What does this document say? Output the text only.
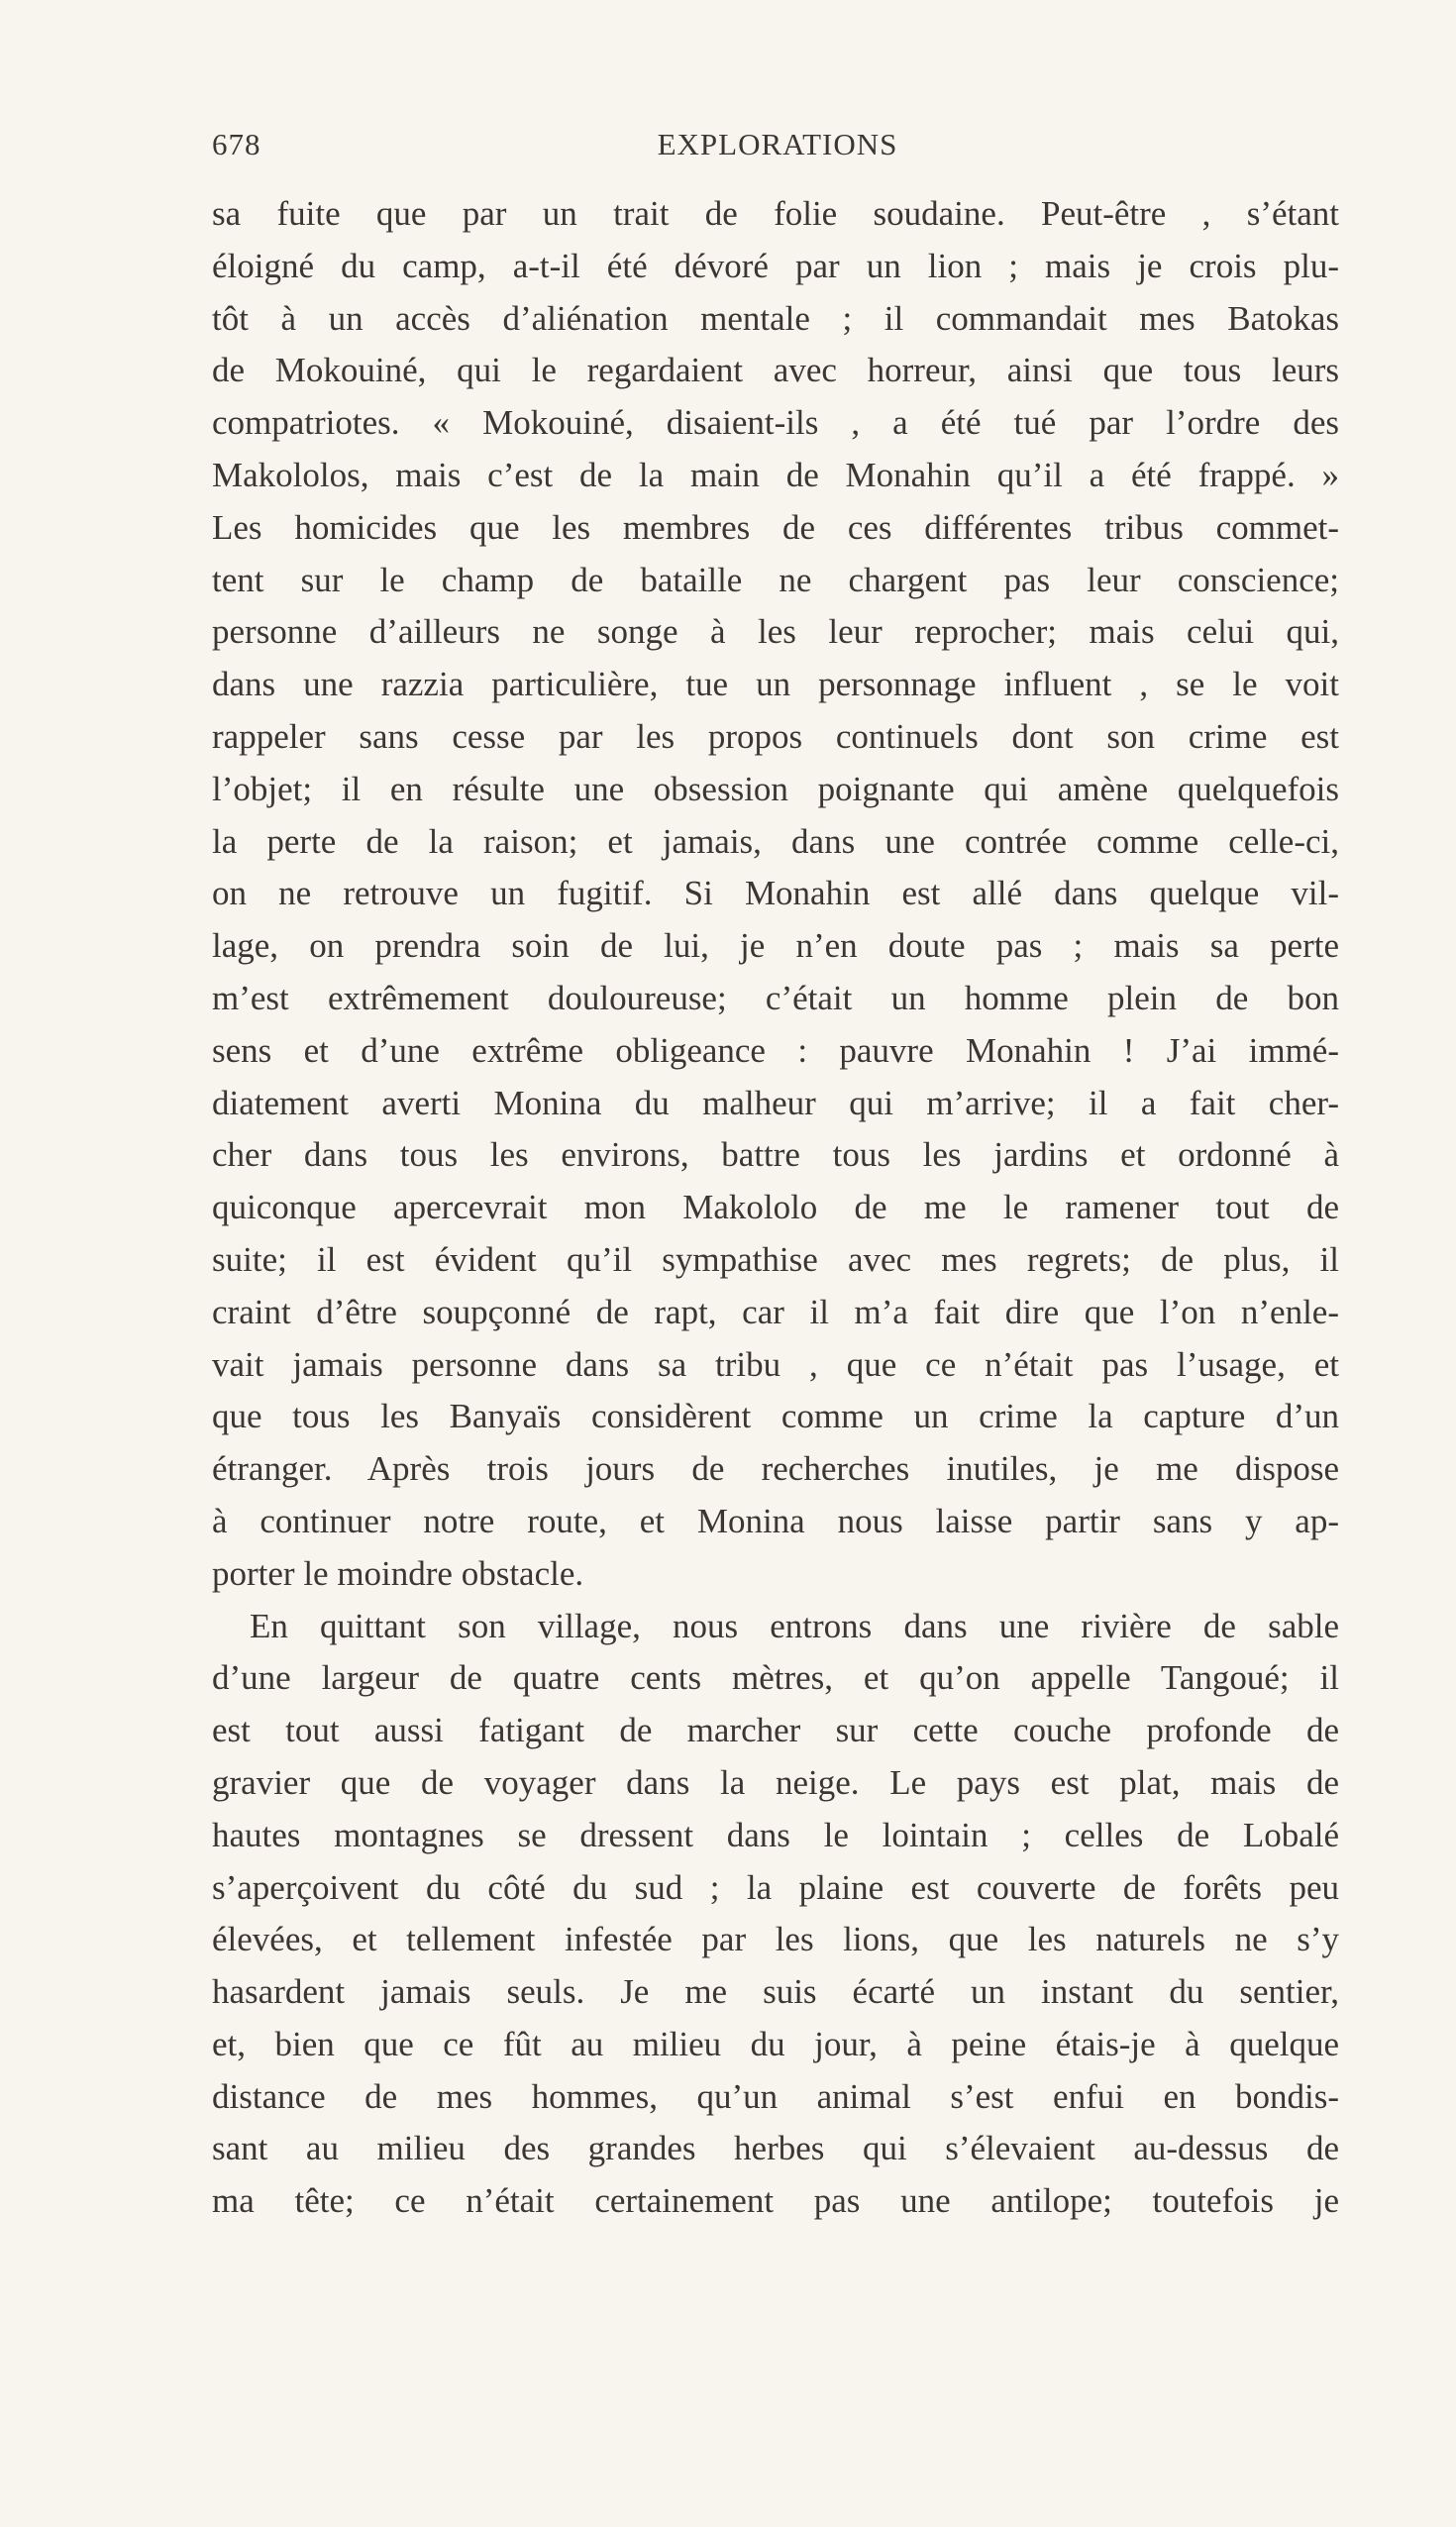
678	EXPLORATIONS
sa fuite que par un trait de folie soudaine. Peut-être , s’étant
éloigné du camp, a-t-il été dévoré par un lion ; mais je crois plu-
tôt à un accès d’aliénation mentale ; il commandait mes Batokas
de Mokouiné, qui le regardaient avec horreur, ainsi que tous leurs
compatriotes. « Mokouiné, disaient-ils , a été tué par l’ordre des
Makololos, mais c’est de la main de Monahin qu’il a été frappé. »
Les homicides que les membres de ces différentes tribus commet-
tent sur le champ de bataille ne chargent pas leur conscience;
personne d’ailleurs ne songe à les leur reprocher; mais celui qui,
dans une razzia particulière, tue un personnage influent , se le voit
rappeler sans cesse par les propos continuels dont son crime est
l’objet; il en résulte une obsession poignante qui amène quelquefois
la perte de la raison; et jamais, dans une contrée comme celle-ci,
on ne retrouve un fugitif. Si Monahin est allé dans quelque vil-
lage, on prendra soin de lui, je n’en doute pas ; mais sa perte
m’est extrêmement douloureuse; c’était un homme plein de bon
sens et d’une extrême obligeance : pauvre Monahin ! J’ai immé-
diatement averti Monina du malheur qui m’arrive; il a fait cher-
cher dans tous les environs, battre tous les jardins et ordonné à
quiconque apercevrait mon Makololo de me le ramener tout de
suite; il est évident qu’il sympathise avec mes regrets; de plus, il
craint d’être soupçonné de rapt, car il m’a fait dire que l’on n’enle-
vait jamais personne dans sa tribu , que ce n’était pas l’usage, et
que tous les Banyaïs considèrent comme un crime la capture d’un
étranger. Après trois jours de recherches inutiles, je me dispose
à continuer notre route, et Monina nous laisse partir sans y ap-
porter le moindre obstacle.
En quittant son village, nous entrons dans une rivière de sable
d’une largeur de quatre cents mètres, et qu’on appelle Tangoué; il
est tout aussi fatigant de marcher sur cette couche profonde de
gravier que de voyager dans la neige. Le pays est plat, mais de
hautes montagnes se dressent dans le lointain ; celles de Lobalé
s’aperçoivent du côté du sud ; la plaine est couverte de forêts peu
élevées, et tellement infestée par les lions, que les naturels ne s’y
hasardent jamais seuls. Je me suis écarté un instant du sentier,
et, bien que ce fût au milieu du jour, à peine étais-je à quelque
distance de mes hommes, qu’un animal s’est enfui en bondis-
sant au milieu des grandes herbes qui s’élevaient au-dessus de
ma tête; ce n’était certainement pas une antilope; toutefois je
